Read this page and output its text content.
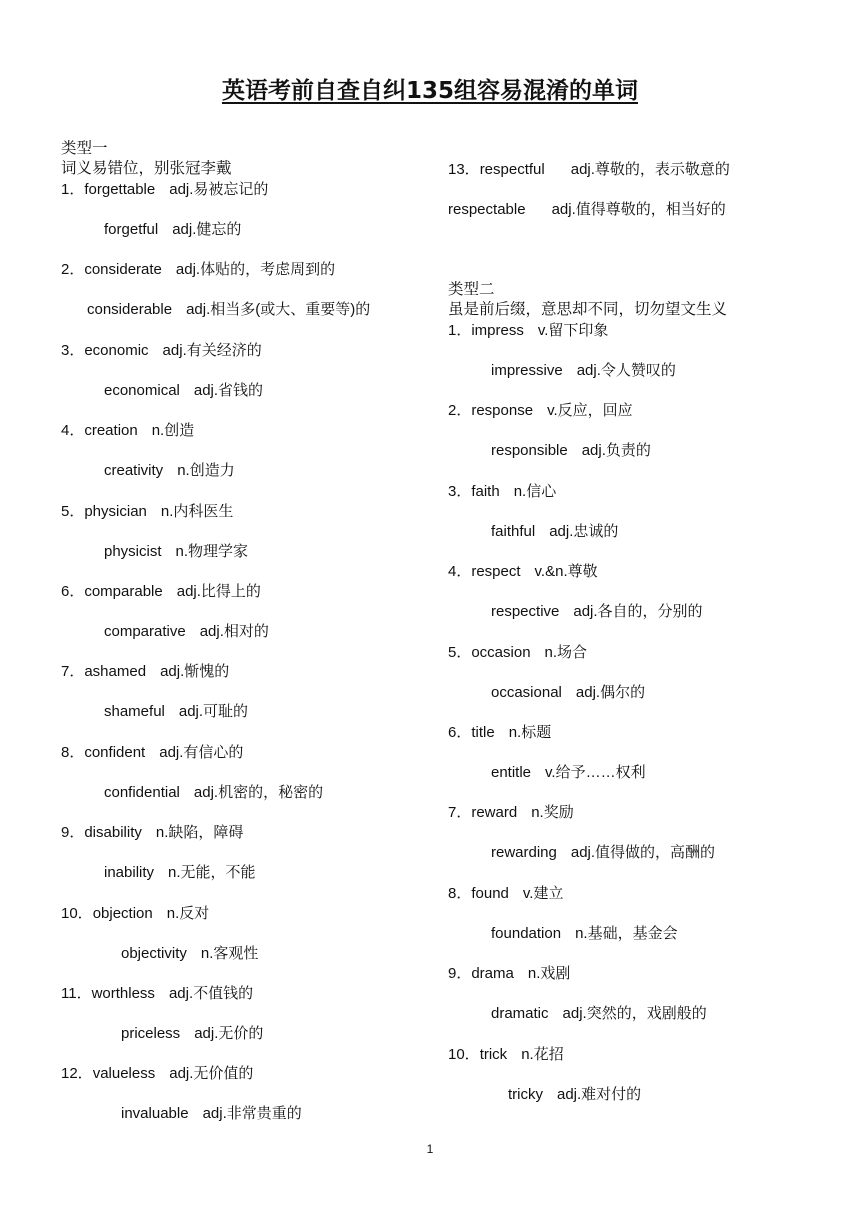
英语考前自查自纠135组容易混淆的单词
类型一
词义易错位，别张冠李戴
1．forgettable adj.易被忘记的
forgetful adj.健忘的
2．considerate adj.体贴的，考虑周到的
considerable adj.相当多(或大、重要等)的
3．economic adj.有关经济的
economical adj.省钱的
4．creation n.创造
creativity n.创造力
5．physician n.内科医生
physicist n.物理学家
6．comparable adj.比得上的
comparative adj.相对的
7．ashamed adj.惭愧的
shameful adj.可耻的
8．confident adj.有信心的
confidential adj.机密的，秘密的
9．disability n.缺陷，障碍
inability n.无能，不能
10．objection n.反对
objectivity n.客观性
11．worthless adj.不值钱的
priceless adj.无价的
12．valueless adj.无价值的
invaluable adj.非常贵重的
13．respectful adj.尊敬的，表示敬意的
respectable adj.值得尊敬的，相当好的
类型二
虽是前后缀，意思却不同，切勿望文生义
1．impress v.留下印象
impressive adj.令人赞叹的
2．response v.反应，回应
responsible adj.负责的
3．faith n.信心
faithful adj.忠诚的
4．respect v.&n.尊敬
respective adj.各自的，分别的
5．occasion n.场合
occasional adj.偶尔的
6．title n.标题
entitle v.给予……权利
7．reward n.奖励
rewarding adj.值得做的，高酬的
8．found v.建立
foundation n.基础，基金会
9．drama n.戏剧
dramatic adj.突然的，戏剧般的
10．trick n.花招
tricky adj.难对付的
1
